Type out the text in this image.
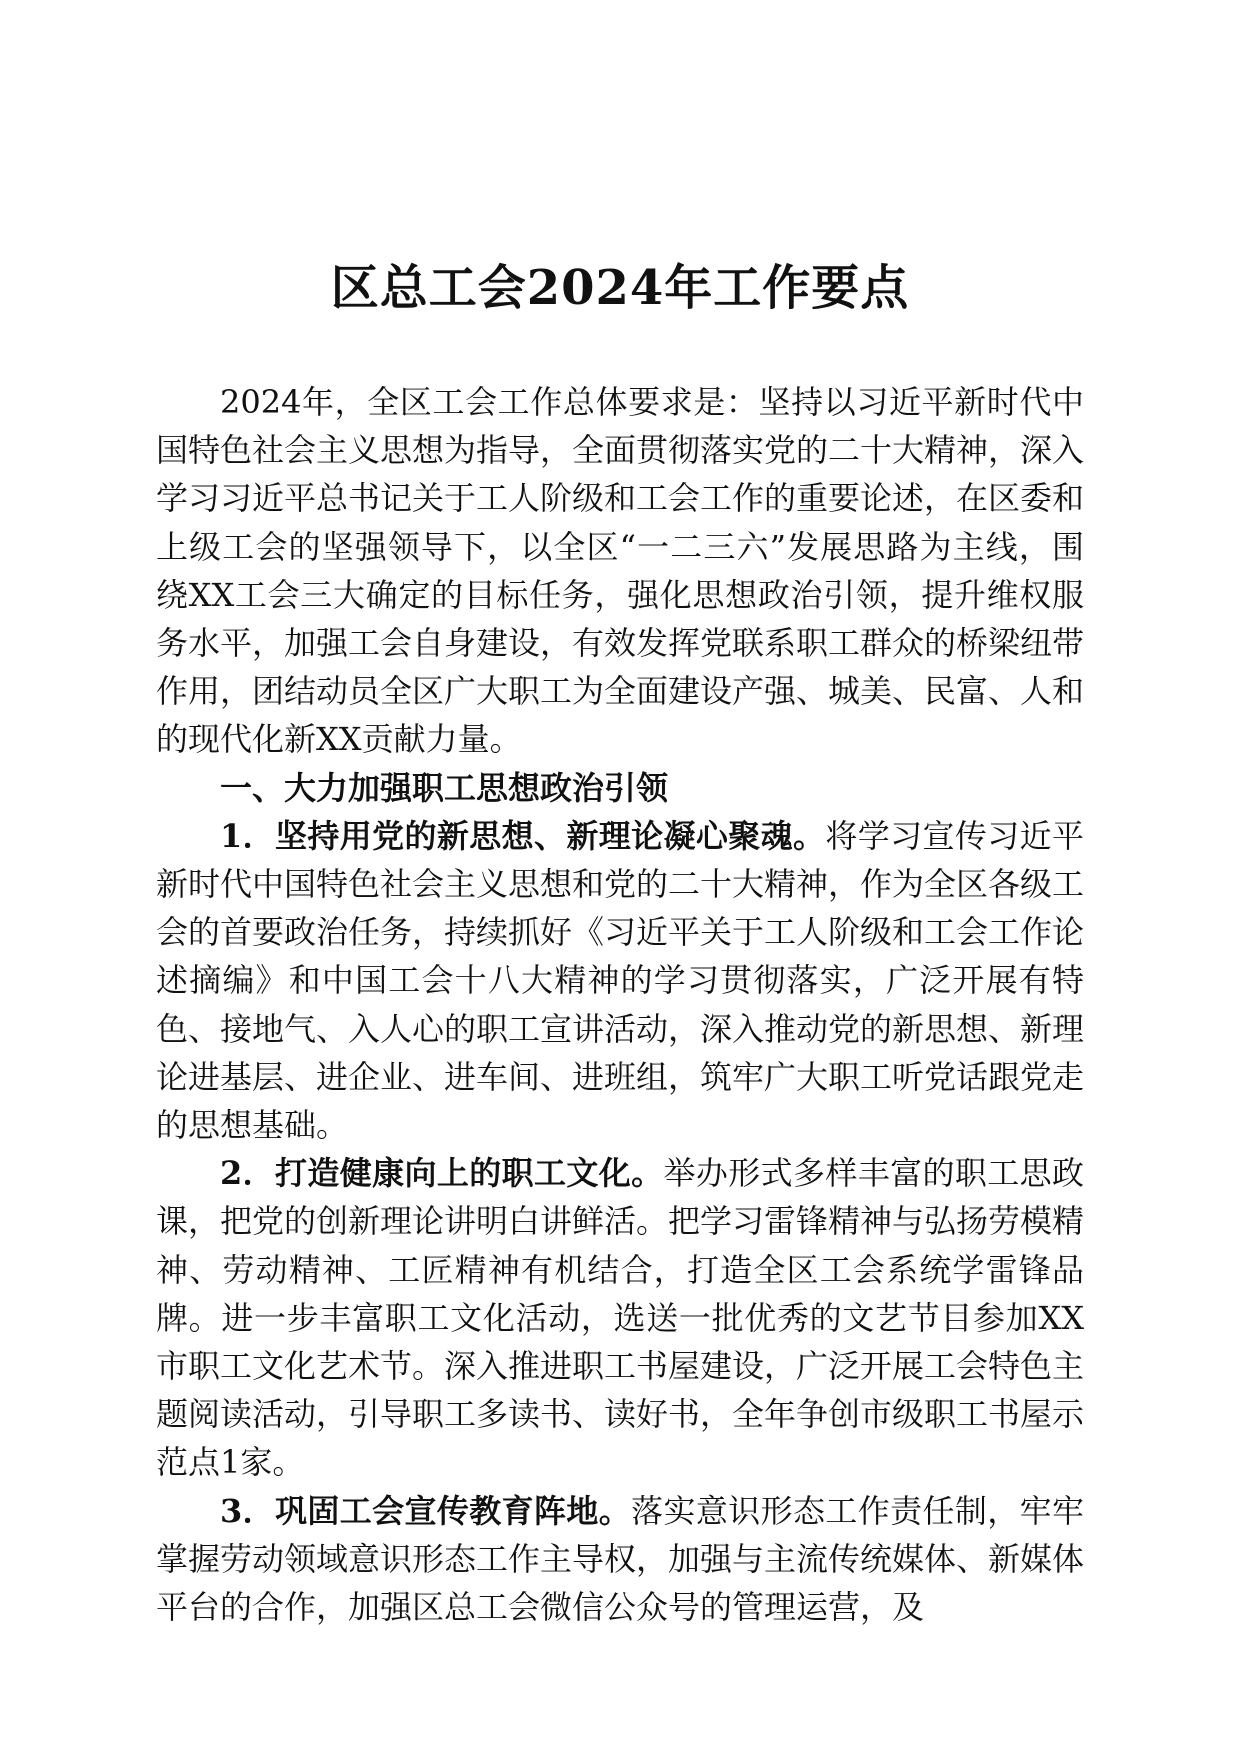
区总工会2024年工作要点

2024年，全区工会工作总体要求是：坚持以习近平新时代中国特色社会主义思想为指导，全面贯彻落实党的二十大精神，深入学习习近平总书记关于工人阶级和工会工作的重要论述，在区委和上级工会的坚强领导下，以全区“一二三六”发展思路为主线，围绕XX工会三大确定的目标任务，强化思想政治引领，提升维权服务水平，加强工会自身建设，有效发挥党联系职工群众的桥梁纽带作用，团结动员全区广大职工为全面建设产强、城美、民富、人和的现代化新XX贡献力量。

一、大力加强职工思想政治引领

1．坚持用党的新思想、新理论凝心聚魂。将学习宣传习近平新时代中国特色社会主义思想和党的二十大精神，作为全区各级工会的首要政治任务，持续抓好《习近平关于工人阶级和工会工作论述摘编》和中国工会十八大精神的学习贯彻落实，广泛开展有特色、接地气、入人心的职工宣讲活动，深入推动党的新思想、新理论进基层、进企业、进车间、进班组，筑牢广大职工听党话跟党走的思想基础。

2．打造健康向上的职工文化。举办形式多样丰富的职工思政课，把党的创新理论讲明白讲鲜活。把学习雷锋精神与弘扬劳模精神、劳动精神、工匠精神有机结合，打造全区工会系统学雷锋品牌。进一步丰富职工文化活动，选送一批优秀的文艺节目参加XX市职工文化艺术节。深入推进职工书屋建设，广泛开展工会特色主题阅读活动，引导职工多读书、读好书，全年争创市级职工书屋示范点1家。

3．巩固工会宣传教育阵地。落实意识形态工作责任制，牢牢掌握劳动领域意识形态工作主导权，加强与主流传统媒体、新媒体平台的合作，加强区总工会微信公众号的管理运营，及
